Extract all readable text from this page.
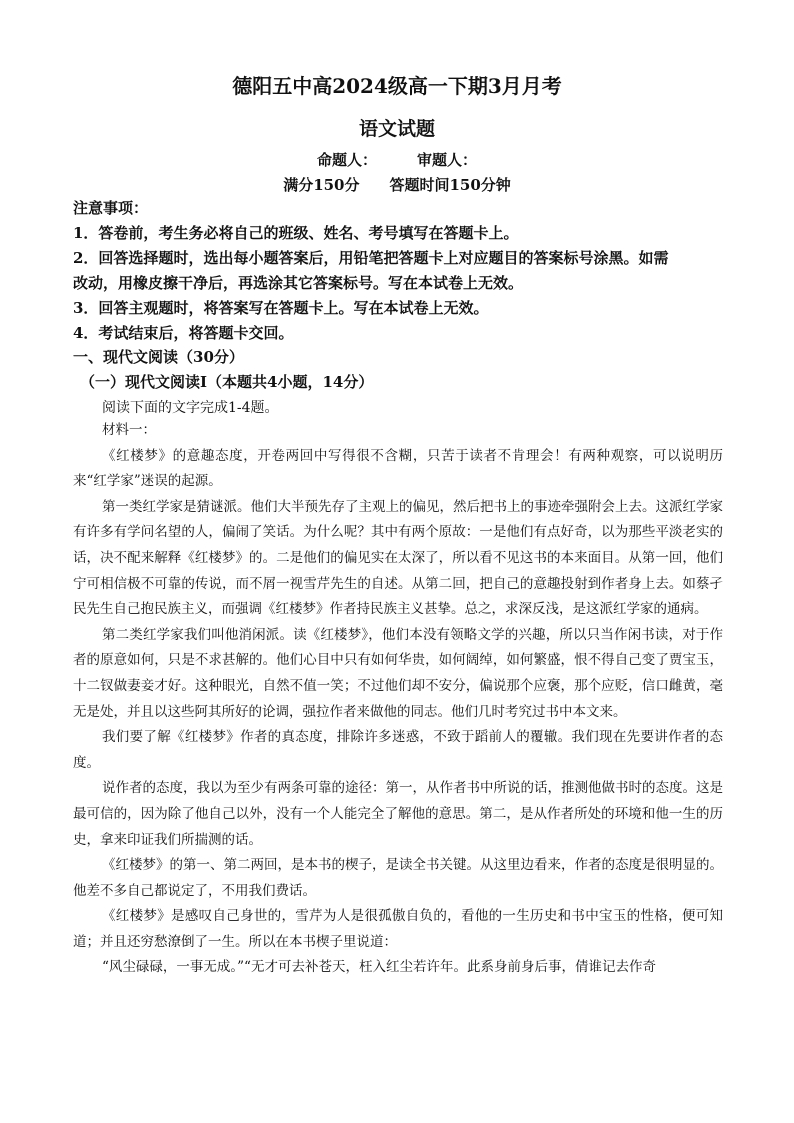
德阳五中高2024级高一下期3月月考
语文试题
命题人：	审题人：
满分150分 答题时间150分钟
注意事项：
1．答卷前，考生务必将自己的班级、姓名、考号填写在答题卡上。
2．回答选择题时，选出每小题答案后，用铅笔把答题卡上对应题目的答案标号涂黑。如需
改动，用橡皮擦干净后，再选涂其它答案标号。写在本试卷上无效。
3．回答主观题时，将答案写在答题卡上。写在本试卷上无效。
4．考试结束后，将答题卡交回。
一、现代文阅读（30分）
（一）现代文阅读Ⅰ（本题共4小题，14分）
阅读下面的文字完成1-4题。

材料一：

《红楼梦》的意趣态度，开卷两回中写得很不含糊，只苦于读者不肯理会！有两种观察，可以说明历来“红学家”迷误的起源。

第一类红学家是猜谜派。他们大半预先存了主观上的偏见，然后把书上的事迹牵强附会上去。这派红学家有许多有学问名望的人，偏闹了笑话。为什么呢？其中有两个原故：一是他们有点好奇，以为那些平淡老实的话，决不配来解释《红楼梦》的。二是他们的偏见实在太深了，所以看不见这书的本来面目。从第一回，他们宁可相信极不可靠的传说，而不屑一视雪芹先生的自述。从第二回，把自己的意趣投射到作者身上去。如蔡孑民先生自己抱民族主义，而强调《红楼梦》作者持民族主义甚挚。总之，求深反浅，是这派红学家的通病。

第二类红学家我们叫他消闲派。读《红楼梦》，他们本没有领略文学的兴趣，所以只当作闲书读，对于作者的原意如何，只是不求甚解的。他们心目中只有如何华贵，如何阔绰，如何繁盛，恨不得自己变了贾宝玉，十二钗做妻妾才好。这种眼光，自然不值一笑；不过他们却不安分，偏说那个应褒，那个应贬，信口雌黄，毫无是处，并且以这些阿其所好的论调，强拉作者来做他的同志。他们几时考究过书中本文来。

我们要了解《红楼梦》作者的真态度，排除许多迷惑，不致于蹈前人的覆辙。我们现在先要讲作者的态度。

说作者的态度，我以为至少有两条可靠的途径：第一，从作者书中所说的话，推测他做书时的态度。这是最可信的，因为除了他自己以外，没有一个人能完全了解他的意思。第二，是从作者所处的环境和他一生的历史，拿来印证我们所揣测的话。

《红楼梦》的第一、第二两回，是本书的楔子，是读全书关键。从这里边看来，作者的态度是很明显的。他差不多自己都说定了，不用我们费话。

《红楼梦》是感叹自己身世的，雪芹为人是很孤傲自负的，看他的一生历史和书中宝玉的性格，便可知道；并且还穷愁潦倒了一生。所以在本书楔子里说道：

“风尘碌碌，一事无成。”“无才可去补苍天，枉入红尘若许年。此系身前身后事，倩谁记去作奇
